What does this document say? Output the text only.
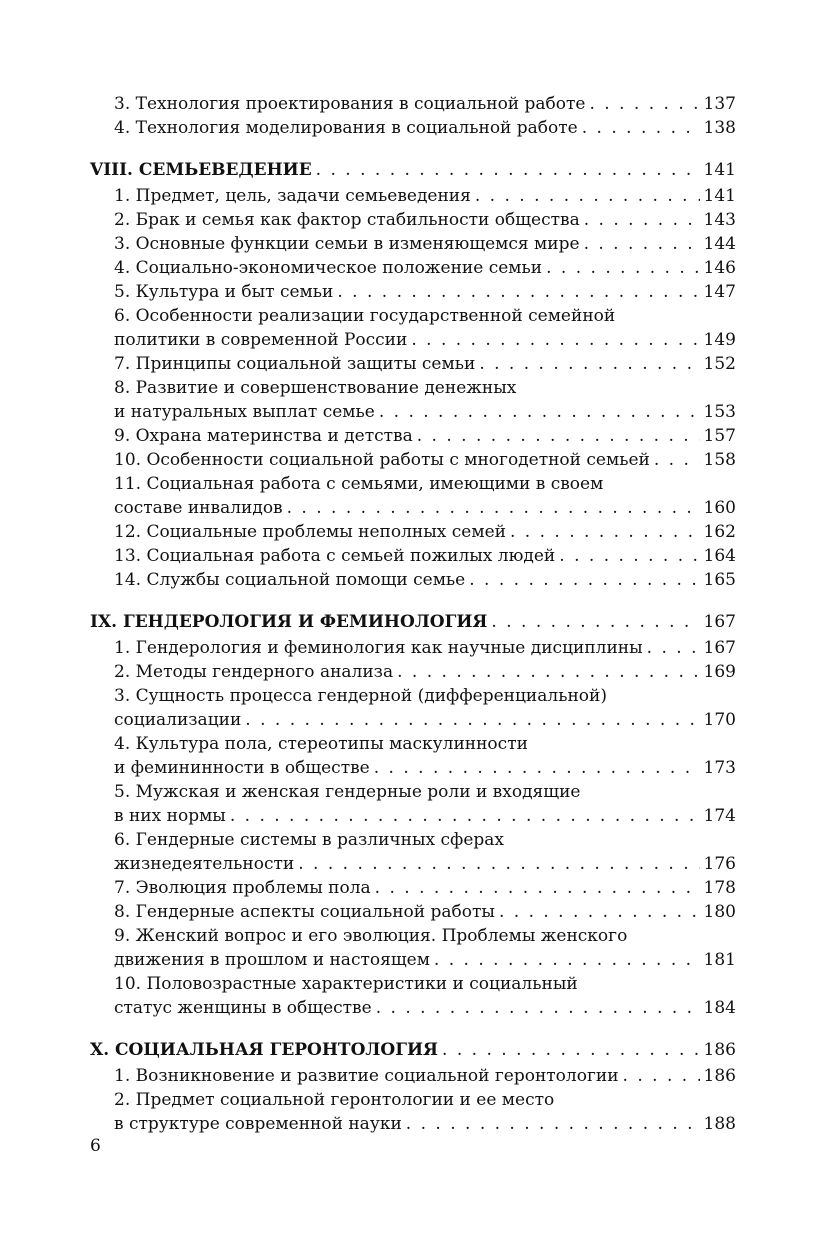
3. Технология проектирования в социальной работе . . .	137
4. Технология моделирования в социальной работе . . .	138
VIII. СЕМЬЕВЕДЕНИЕ . . .	141
1. Предмет, цель, задачи семьеведения . . .	141
2. Брак и семья как фактор стабильности общества . . .	143
3. Основные функции семьи в изменяющемся мире . . .	144
4. Социально-экономическое положение семьи . . .	146
5. Культура и быт семьи . . .	147
6. Особенности реализации государственной семейной
политики в современной России . . .	149
7. Принципы социальной защиты семьи . . .	152
8. Развитие и совершенствование денежных
и натуральных выплат семье . . .	153
9. Охрана материнства и детства . . .	157
10. Особенности социальной работы с многодетной семьей . . .	158
11. Социальная работа с семьями, имеющими в своем
составе инвалидов . . .	160
12. Социальные проблемы неполных семей . . .	162
13. Социальная работа с семьей пожилых людей . . .	164
14. Службы социальной помощи семье . . .	165
IX. ГЕНДЕРОЛОГИЯ И ФЕМИНОЛОГИЯ . . .	167
1. Гендерология и феминология как научные дисциплины . . .	167
2. Методы гендерного анализа . . .	169
3. Сущность процесса гендерной (дифференциальной)
социализации . . .	170
4. Культура пола, стереотипы маскулинности
и фемининности в обществе . . .	173
5. Мужская и женская гендерные роли и входящие
в них нормы . . .	174
6. Гендерные системы в различных сферах
жизнедеятельности . . .	176
7. Эволюция проблемы пола . . .	178
8. Гендерные аспекты социальной работы . . .	180
9. Женский вопрос и его эволюция. Проблемы женского
движения в прошлом и настоящем . . .	181
10. Половозрастные характеристики и социальный
статус женщины в обществе . . .	184
X. СОЦИАЛЬНАЯ ГЕРОНТОЛОГИЯ . . .	186
1. Возникновение и развитие социальной геронтологии . . .	186
2. Предмет социальной геронтологии и ее место
в структуре современной науки . . .	188
6
